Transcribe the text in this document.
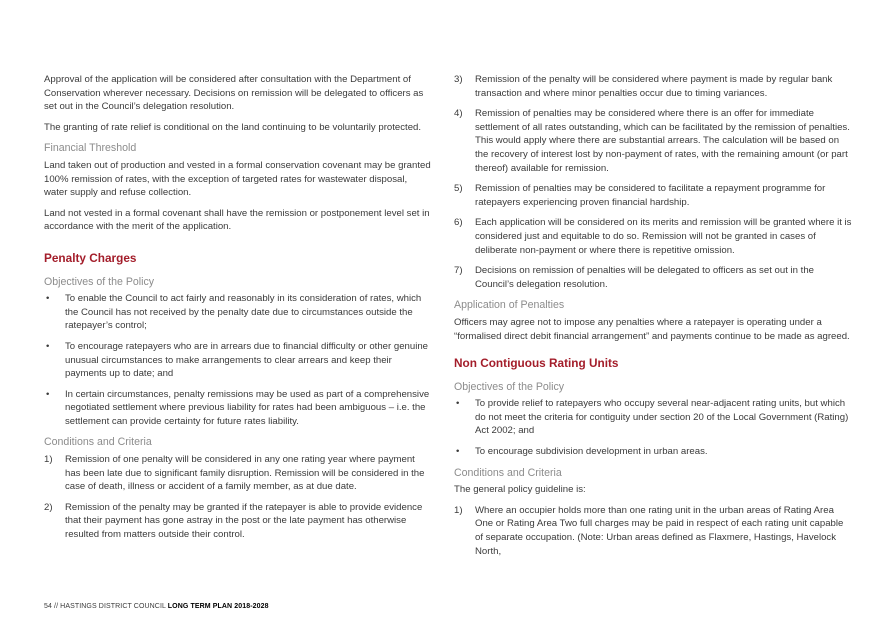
Approval of the application will be considered after consultation with the Department of Conservation wherever necessary. Decisions on remission will be delegated to officers as set out in the Council’s delegation resolution.

The granting of rate relief is conditional on the land continuing to be voluntarily protected.

Financial Threshold

Land taken out of production and vested in a formal conservation covenant may be granted 100% remission of rates, with the exception of targeted rates for wastewater disposal, water supply and refuse collection.

Land not vested in a formal covenant shall have the remission or postponement level set in accordance with the merit of the application.

Penalty Charges
Objectives of the Policy
• To enable the Council to act fairly and reasonably in its consideration of rates, which the Council has not received by the penalty date due to circumstances outside the ratepayer’s control;
• To encourage ratepayers who are in arrears due to financial difficulty or other genuine unusual circumstances to make arrangements to clear arrears and keep their payments up to date; and
• In certain circumstances, penalty remissions may be used as part of a comprehensive negotiated settlement where previous liability for rates had been ambiguous – i.e. the settlement can provide certainty for future rates liability.
Conditions and Criteria
1) Remission of one penalty will be considered in any one rating year where payment has been late due to significant family disruption. Remission will be considered in the case of death, illness or accident of a family member, as at due date.
2) Remission of the penalty may be granted if the ratepayer is able to provide evidence that their payment has gone astray in the post or the late payment has otherwise resulted from matters outside their control.
3) Remission of the penalty will be considered where payment is made by regular bank transaction and where minor penalties occur due to timing variances.
4) Remission of penalties may be considered where there is an offer for immediate settlement of all rates outstanding, which can be facilitated by the remission of penalties. This would apply where there are substantial arrears. The calculation will be based on the recovery of interest lost by non-payment of rates, with the remaining amount (or part thereof) available for remission.
5) Remission of penalties may be considered to facilitate a repayment programme for ratepayers experiencing proven financial hardship.
6) Each application will be considered on its merits and remission will be granted where it is considered just and equitable to do so. Remission will not be granted in cases of deliberate non-payment or where there is repetitive omission.
7) Decisions on remission of penalties will be delegated to officers as set out in the Council’s delegation resolution.
Application of Penalties

Officers may agree not to impose any penalties where a ratepayer is operating under a “formalised direct debit financial arrangement” and payments continue to be made as agreed.

Non Contiguous Rating Units
Objectives of the Policy
• To provide relief to ratepayers who occupy several near-adjacent rating units, but which do not meet the criteria for contiguity under section 20 of the Local Government (Rating) Act 2002; and
• To encourage subdivision development in urban areas.
Conditions and Criteria

The general policy guideline is:

1) Where an occupier holds more than one rating unit in the urban areas of Rating Area One or Rating Area Two full charges may be paid in respect of each rating unit capable of separate occupation. (Note: Urban areas defined as Flaxmere, Hastings, Havelock North,
54 // HASTINGS DISTRICT COUNCIL LONG TERM PLAN 2018-2028
